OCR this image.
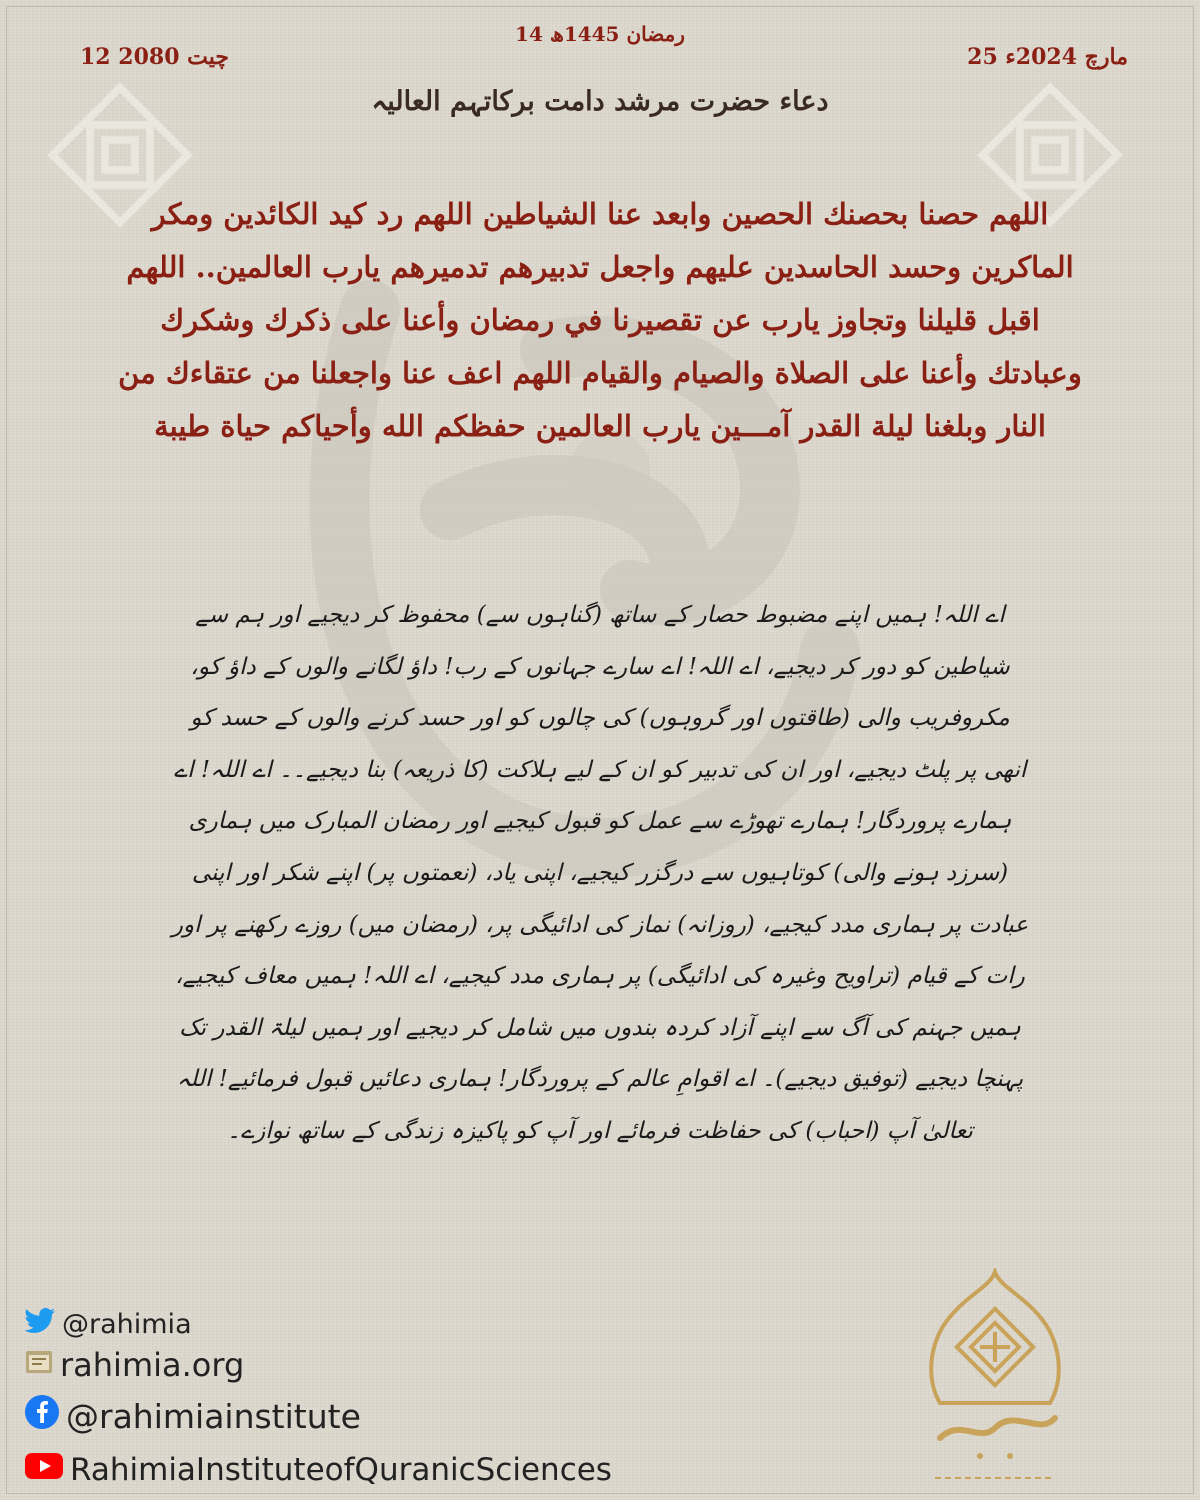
14 رمضان 1445ھ
12 چیت 2080	25 مارچ 2024ء
دعاء حضرت مرشد دامت برکاتہم العالیہ
اللهم حصنا بحصنك الحصين وابعد عنا الشياطين اللهم رد كيد الكائدين ومكر الماكرين وحسد الحاسدين عليهم واجعل تدبيرهم تدميرهم يارب العالمين.. اللهم اقبل قليلنا وتجاوز يارب عن تقصيرنا في رمضان وأعنا على ذكرك وشكرك وعبادتك وأعنا على الصلاة والصيام والقيام اللهم اعف عنا واجعلنا من عتقاءك من النار وبلغنا ليلة القدر آمـــين يارب العالمين حفظكم الله وأحياكم حياة طيبة
اے اللہ! ہمیں اپنے مضبوط حصار کے ساتھ (گناہوں سے) محفوظ کر دیجیے اور ہم سے شیاطین کو دور کر دیجیے، اے اللہ! اے سارے جہانوں کے رب! داؤ لگانے والوں کے داؤ کو، مکروفریب والی (طاقتوں اور گروہوں) کی چالوں کو اور حسد کرنے والوں کے حسد کو انھی پر پلٹ دیجیے، اور ان کی تدبیر کو ان کے لیے ہلاکت (کا ذریعہ) بنا دیجیے۔۔ اے اللہ! اے ہمارے پروردگار! ہمارے تھوڑے سے عمل کو قبول کیجیے اور رمضان المبارک میں ہماری (سرزد ہونے والی) کوتاہیوں سے درگزر کیجیے، اپنی یاد، (نعمتوں پر) اپنے شکر اور اپنی عبادت پر ہماری مدد کیجیے، (روزانہ) نماز کی ادائیگی پر، (رمضان میں) روزے رکھنے پر اور رات کے قیام (تراویح وغیرہ کی ادائیگی) پر ہماری مدد کیجیے، اے اللہ! ہمیں معاف کیجیے، ہمیں جہنم کی آگ سے اپنے آزاد کردہ بندوں میں شامل کر دیجیے اور ہمیں لیلۃ القدر تک پہنچا دیجیے (توفیق دیجیے)۔ اے اقوامِ عالم کے پروردگار! ہماری دعائیں قبول فرمائیے! اللہ تعالیٰ آپ (احباب) کی حفاظت فرمائے اور آپ کو پاکیزہ زندگی کے ساتھ نوازے۔
@rahimia
rahimia.org
@rahimiainstitute
RahimiaInstituteofQuranicSciences
